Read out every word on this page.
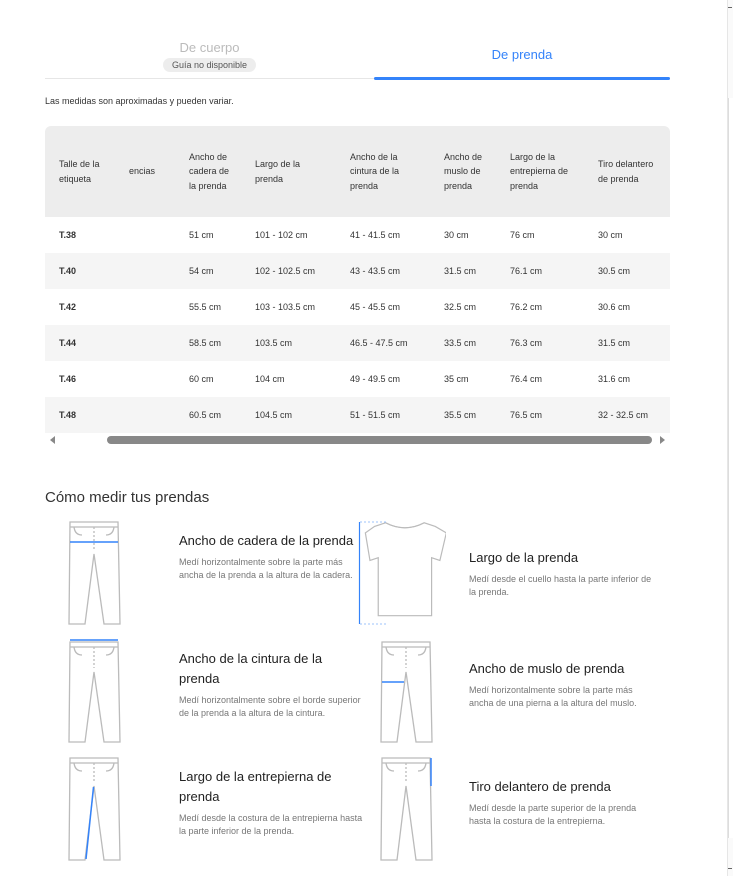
De cuerpo
Guía no disponible
De prenda
Las medidas son aproximadas y pueden variar.
Talle de la etiqueta	encias	Ancho de cadera de la prenda	Largo de la prenda	Ancho de la cintura de la prenda	Ancho de muslo de prenda	Largo de la entrepierna de prenda	Tiro delantero de prenda
T.38		51 cm	101 - 102 cm	41 - 41.5 cm	30 cm	76 cm	30 cm
T.40		54 cm	102 - 102.5 cm	43 - 43.5 cm	31.5 cm	76.1 cm	30.5 cm
T.42		55.5 cm	103 - 103.5 cm	45 - 45.5 cm	32.5 cm	76.2 cm	30.6 cm
T.44		58.5 cm	103.5 cm	46.5 - 47.5 cm	33.5 cm	76.3 cm	31.5 cm
T.46		60 cm	104 cm	49 - 49.5 cm	35 cm	76.4 cm	31.6 cm
T.48		60.5 cm	104.5 cm	51 - 51.5 cm	35.5 cm	76.5 cm	32 - 32.5 cm
Cómo medir tus prendas
Ancho de cadera de la prenda
Medí horizontalmente sobre la parte más ancha de la prenda a la altura de la cadera.
Largo de la prenda
Medí desde el cuello hasta la parte inferior de la prenda.
Ancho de la cintura de la prenda
Medí horizontalmente sobre el borde superior de la prenda a la altura de la cintura.
Ancho de muslo de prenda
Medí horizontalmente sobre la parte más ancha de una pierna a la altura del muslo.
Largo de la entrepierna de prenda
Medí desde la costura de la entrepierna hasta la parte inferior de la prenda.
Tiro delantero de prenda
Medí desde la parte superior de la prenda hasta la costura de la entrepierna.
